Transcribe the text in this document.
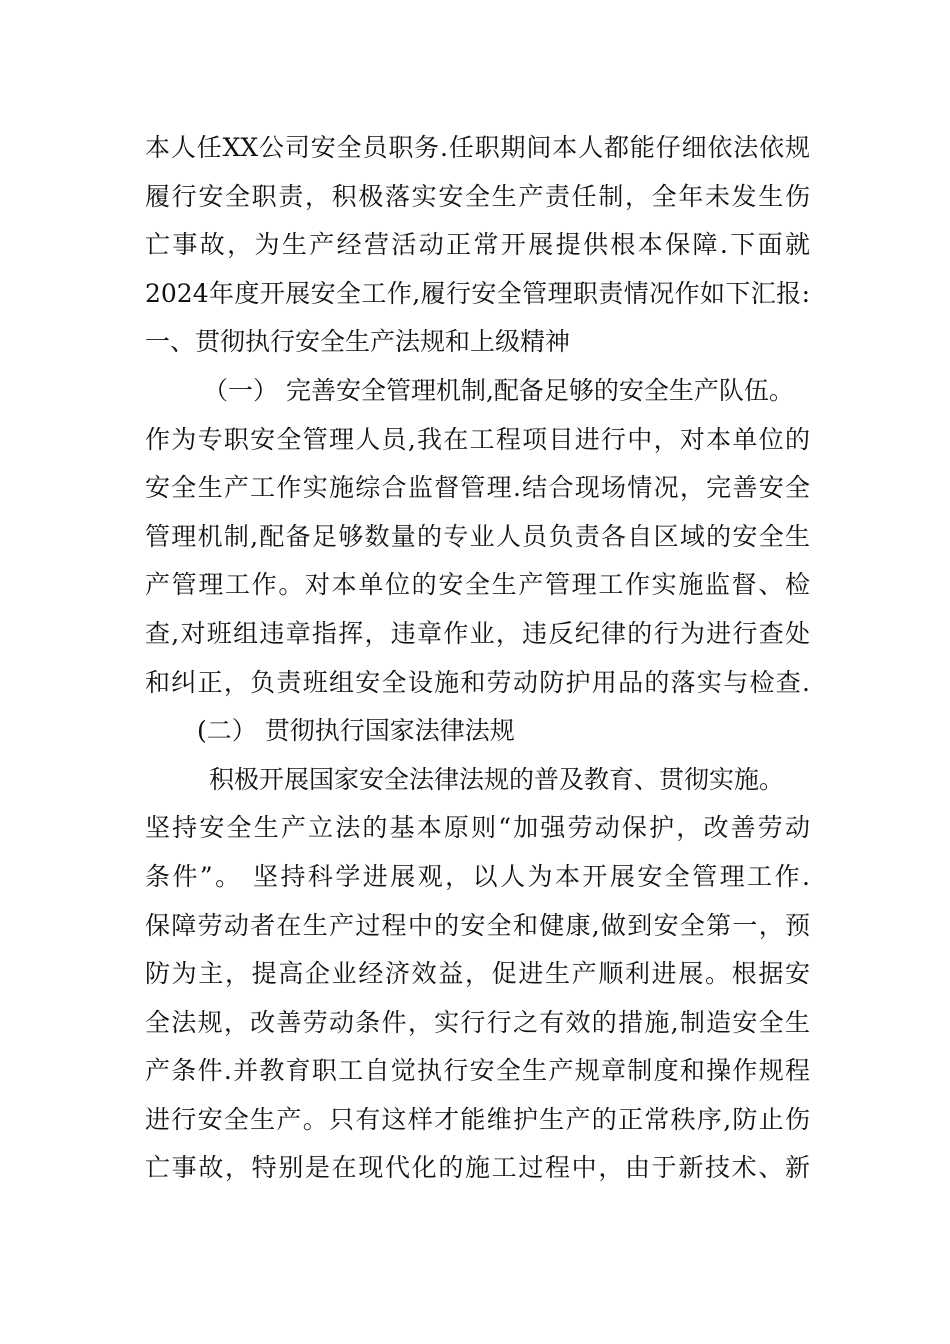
本人任XX公司安全员职务.任职期间本人都能仔细依法依规
履行安全职责，积极落实安全生产责任制，全年未发生伤
亡事故，为生产经营活动正常开展提供根本保障.下面就
2024年度开展安全工作,履行安全管理职责情况作如下汇报:
一、贯彻执行安全生产法规和上级精神
（一） 完善安全管理机制,配备足够的安全生产队伍。
作为专职安全管理人员,我在工程项目进行中，对本单位的
安全生产工作实施综合监督管理.结合现场情况，完善安全
管理机制,配备足够数量的专业人员负责各自区域的安全生
产管理工作。对本单位的安全生产管理工作实施监督、检
查,对班组违章指挥，违章作业，违反纪律的行为进行查处
和纠正，负责班组安全设施和劳动防护用品的落实与检查.
(二） 贯彻执行国家法律法规
积极开展国家安全法律法规的普及教育、贯彻实施。
坚持安全生产立法的基本原则“加强劳动保护，改善劳动
条件”。 坚持科学进展观，以人为本开展安全管理工作.
保障劳动者在生产过程中的安全和健康,做到安全第一，预
防为主，提高企业经济效益，促进生产顺利进展。根据安
全法规，改善劳动条件，实行行之有效的措施,制造安全生
产条件.并教育职工自觉执行安全生产规章制度和操作规程
进行安全生产。只有这样才能维护生产的正常秩序,防止伤
亡事故，特别是在现代化的施工过程中，由于新技术、新
